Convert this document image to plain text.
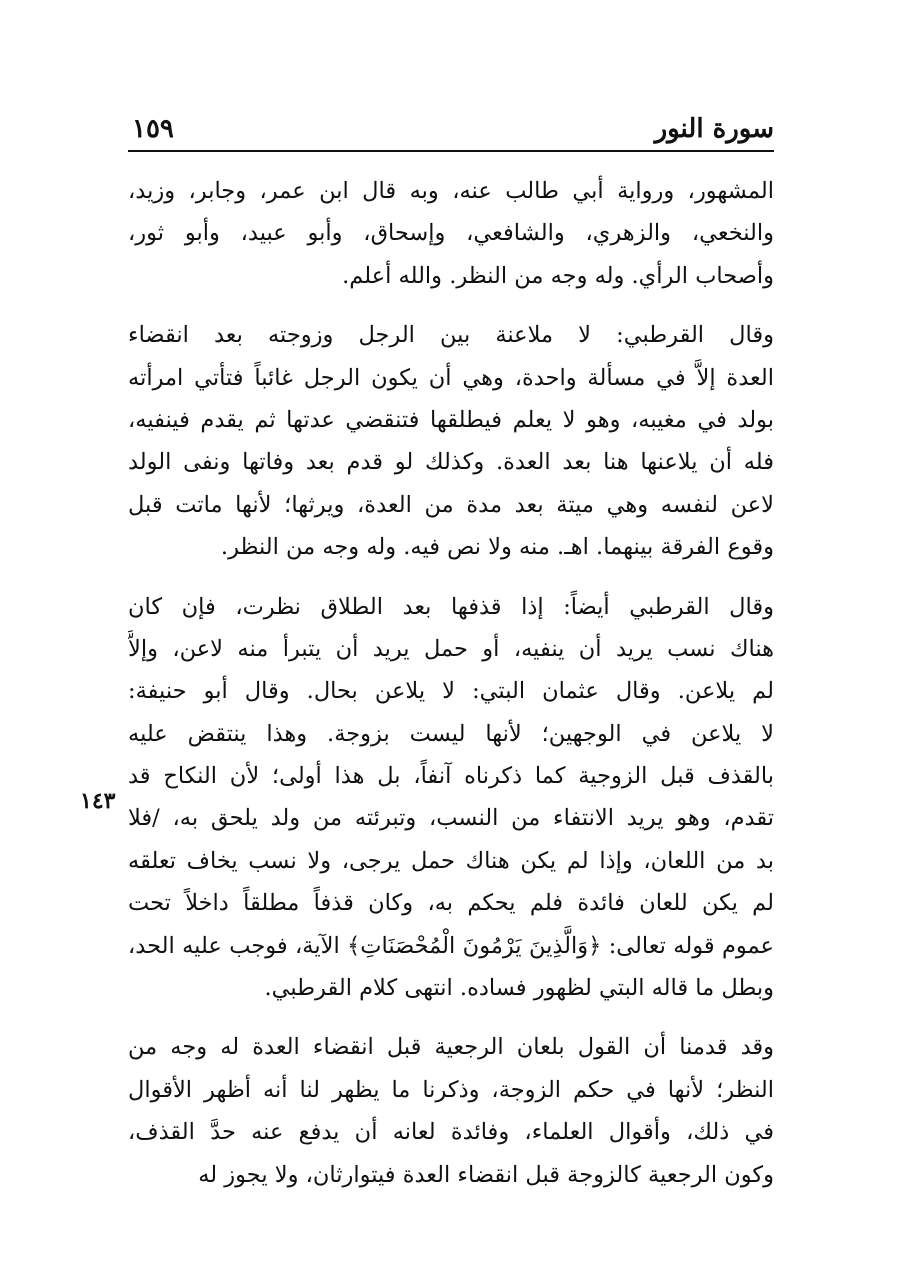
سورة النور
١٥٩
المشهور، ورواية أبي طالب عنه، وبه قال ابن عمر، وجابر، وزيد،
والنخعي، والزهري، والشافعي، وإسحاق، وأبو عبيد، وأبو ثور،
وأصحاب الرأي. وله وجه من النظر. والله أعلم.
وقال القرطبي: لا ملاعنة بين الرجل وزوجته بعد انقضاء
العدة إلاَّ في مسألة واحدة، وهي أن يكون الرجل غائباً فتأتي امرأته
بولد في مغيبه، وهو لا يعلم فيطلقها فتنقضي عدتها ثم يقدم فينفيه،
فله أن يلاعنها هنا بعد العدة. وكذلك لو قدم بعد وفاتها ونفى الولد
لاعن لنفسه وهي ميتة بعد مدة من العدة، ويرثها؛ لأنها ماتت قبل
وقوع الفرقة بينهما. اهـ. منه ولا نص فيه. وله وجه من النظر.
وقال القرطبي أيضاً: إذا قذفها بعد الطلاق نظرت، فإن كان
هناك نسب يريد أن ينفيه، أو حمل يريد أن يتبرأ منه لاعن، وإلاَّ
لم يلاعن. وقال عثمان البتي: لا يلاعن بحال. وقال أبو حنيفة:
لا يلاعن في الوجهين؛ لأنها ليست بزوجة. وهذا ينتقض عليه
بالقذف قبل الزوجية كما ذكرناه آنفاً، بل هذا أولى؛ لأن النكاح قد
تقدم، وهو يريد الانتفاء من النسب، وتبرئته من ولد يلحق به، /فلا
بد من اللعان، وإذا لم يكن هناك حمل يرجى، ولا نسب يخاف تعلقه
لم يكن للعان فائدة فلم يحكم به، وكان قذفاً مطلقاً داخلاً تحت
عموم قوله تعالى: ﴿وَالَّذِينَ يَرْمُونَ الْمُحْصَنَاتِ﴾ الآية، فوجب عليه الحد،
وبطل ما قاله البتي لظهور فساده. انتهى كلام القرطبي.
وقد قدمنا أن القول بلعان الرجعية قبل انقضاء العدة له وجه من
النظر؛ لأنها في حكم الزوجة، وذكرنا ما يظهر لنا أنه أظهر الأقوال
في ذلك، وأقوال العلماء، وفائدة لعانه أن يدفع عنه حدَّ القذف،
وكون الرجعية كالزوجة قبل انقضاء العدة فيتوارثان، ولا يجوز له
١٤٣
